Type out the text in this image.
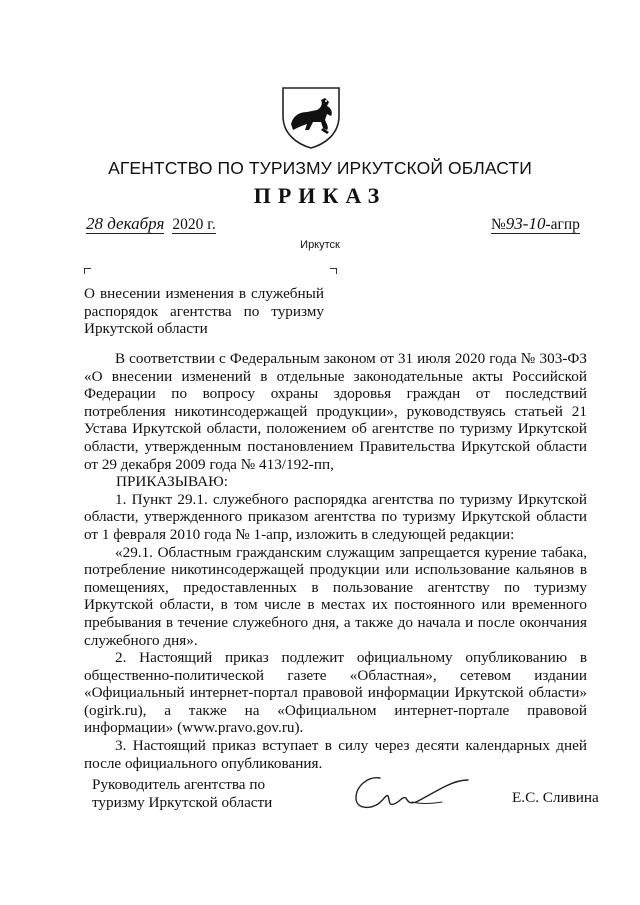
АГЕНТСТВО ПО ТУРИЗМУ ИРКУТСКОЙ ОБЛАСТИ
ПРИКАЗ
28 декабря 2020 г.	№93-10-агпр
Иркутск
О внесении изменения в служебный распорядок агентства по туризму Иркутской области

В соответствии с Федеральным законом от 31 июля 2020 года № 303-ФЗ «О внесении изменений в отдельные законодательные акты Российской Федерации по вопросу охраны здоровья граждан от последствий потребления никотинсодержащей продукции», руководствуясь статьей 21 Устава Иркутской области, положением об агентстве по туризму Иркутской области, утвержденным постановлением Правительства Иркутской области от 29 декабря 2009 года № 413/192-пп,

ПРИКАЗЫВАЮ:

1. Пункт 29.1. служебного распорядка агентства по туризму Иркутской области, утвержденного приказом агентства по туризму Иркутской области от 1 февраля 2010 года № 1-апр, изложить в следующей редакции:

«29.1. Областным гражданским служащим запрещается курение табака, потребление никотинсодержащей продукции или использование кальянов в помещениях, предоставленных в пользование агентству по туризму Иркутской области, в том числе в местах их постоянного или временного пребывания в течение служебного дня, а также до начала и после окончания служебного дня».

2. Настоящий приказ подлежит официальному опубликованию в общественно-политической газете «Областная», сетевом издании «Официальный интернет-портал правовой информации Иркутской области» (ogirk.ru), а также на «Официальном интернет-портале правовой информации» (www.pravo.gov.ru).

3. Настоящий приказ вступает в силу через десяти календарных дней после официального опубликования.

Руководитель агентства по
туризму Иркутской области	Е.С. Сливина
